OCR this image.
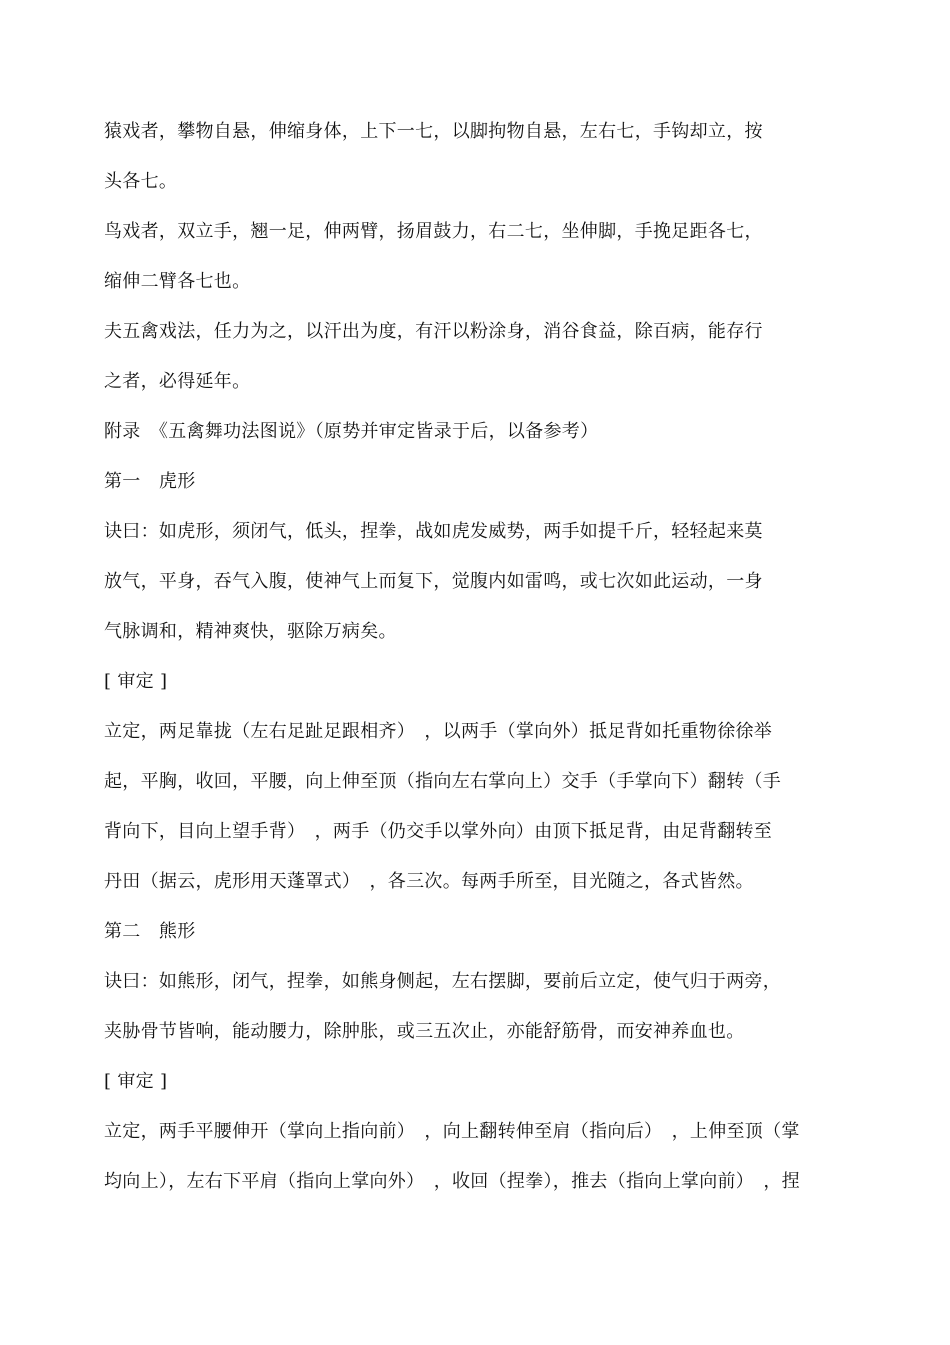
猿戏者，攀物自悬，伸缩身体，上下一七，以脚拘物自悬，左右七，手钩却立，按
头各七。
鸟戏者，双立手，翘一足，伸两臂，扬眉鼓力，右二七，坐伸脚，手挽足距各七，
缩伸二臂各七也。
夫五禽戏法，任力为之，以汗出为度，有汗以粉涂身，消谷食益，除百病，能存行
之者，必得延年。
附录　《五禽舞功法图说》（原势并审定皆录于后，以备参考）
第一　虎形
诀曰：如虎形，须闭气，低头，捏拳，战如虎发威势，两手如提千斤，轻轻起来莫
放气，平身，吞气入腹，使神气上而复下，觉腹内如雷鸣，或七次如此运动，一身
气脉调和，精神爽快，驱除万病矣。
[ 审定 ]
立定，两足靠拢（左右足趾足跟相齐）　，以两手（掌向外）抵足背如托重物徐徐举
起，平胸，收回，平腰，向上伸至顶（指向左右掌向上）交手（手掌向下）翻转（手
背向下，目向上望手背）　，两手（仍交手以掌外向）由顶下抵足背，由足背翻转至
丹田（据云，虎形用天蓬罩式）　，各三次。每两手所至，目光随之，各式皆然。
第二　熊形
诀曰：如熊形，闭气，捏拳，如熊身侧起，左右摆脚，要前后立定，使气归于两旁，
夹胁骨节皆响，能动腰力，除肿胀，或三五次止，亦能舒筋骨，而安神养血也。
[ 审定 ]
立定，两手平腰伸开（掌向上指向前）　，向上翻转伸至肩（指向后）　，上伸至顶（掌
均向上），左右下平肩（指向上掌向外）　，收回（捏拳），推去（指向上掌向前）　，捏
